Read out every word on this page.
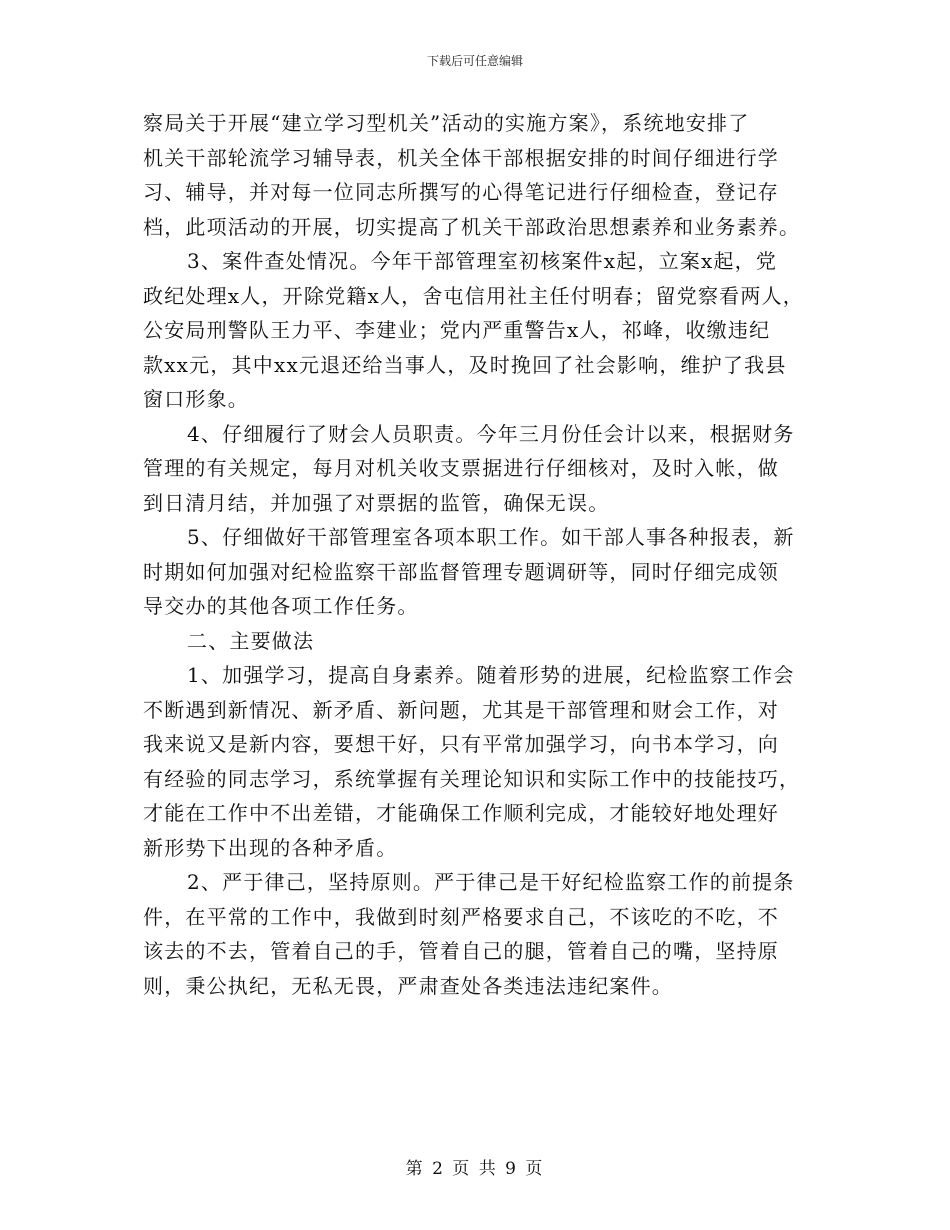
下载后可任意编辑
察局关于开展“建立学习型机关”活动的实施方案》，系统地安排了
机关干部轮流学习辅导表，机关全体干部根据安排的时间仔细进行学
习、辅导，并对每一位同志所撰写的心得笔记进行仔细检查，登记存
档，此项活动的开展，切实提高了机关干部政治思想素养和业务素养。
3、案件查处情况。今年干部管理室初核案件x起，立案x起，党
政纪处理x人，开除党籍x人，舍屯信用社主任付明春；留党察看两人，
公安局刑警队王力平、李建业；党内严重警告x人，祁峰，收缴违纪
款xx元，其中xx元退还给当事人，及时挽回了社会影响，维护了我县
窗口形象。
4、仔细履行了财会人员职责。今年三月份任会计以来，根据财务
管理的有关规定，每月对机关收支票据进行仔细核对，及时入帐，做
到日清月结，并加强了对票据的监管，确保无误。
5、仔细做好干部管理室各项本职工作。如干部人事各种报表，新
时期如何加强对纪检监察干部监督管理专题调研等，同时仔细完成领
导交办的其他各项工作任务。
二、主要做法
1、加强学习，提高自身素养。随着形势的进展，纪检监察工作会
不断遇到新情况、新矛盾、新问题，尤其是干部管理和财会工作，对
我来说又是新内容，要想干好，只有平常加强学习，向书本学习，向
有经验的同志学习，系统掌握有关理论知识和实际工作中的技能技巧，
才能在工作中不出差错，才能确保工作顺利完成，才能较好地处理好
新形势下出现的各种矛盾。
2、严于律己，坚持原则。严于律己是干好纪检监察工作的前提条
件，在平常的工作中，我做到时刻严格要求自己，不该吃的不吃，不
该去的不去，管着自己的手，管着自己的腿，管着自己的嘴，坚持原
则，秉公执纪，无私无畏，严肃查处各类违法违纪案件。
第 2 页 共 9 页
